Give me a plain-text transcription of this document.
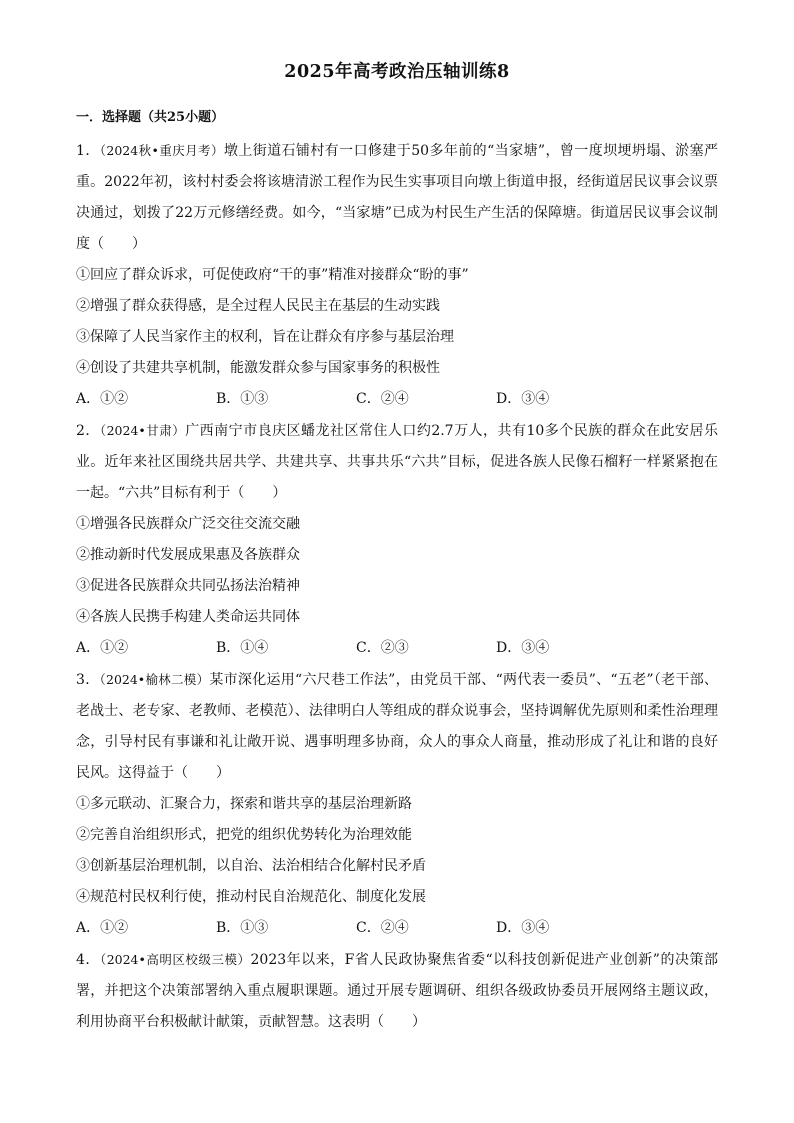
2025年高考政治压轴训练8
一．选择题（共25小题）

1．（2024秋•重庆月考）墩上街道石铺村有一口修建于50多年前的“当家塘”，曾一度坝埂坍塌、淤塞严重。2022年初，该村村委会将该塘清淤工程作为民生实事项目向墩上街道申报，经街道居民议事会议票决通过，划拨了22万元修缮经费。如今，“当家塘”已成为村民生产生活的保障塘。街道居民议事会议制度（　　）

①回应了群众诉求，可促使政府“干的事”精准对接群众“盼的事”

②增强了群众获得感，是全过程人民民主在基层的生动实践

③保障了人民当家作主的权利，旨在让群众有序参与基层治理

④创设了共建共享机制，能激发群众参与国家事务的积极性

A．①②	B．①③	C．②④	D．③④

2．（2024•甘肃）广西南宁市良庆区蟠龙社区常住人口约2.7万人，共有10多个民族的群众在此安居乐业。近年来社区围绕共居共学、共建共享、共事共乐“六共”目标，促进各族人民像石榴籽一样紧紧抱在一起。“六共”目标有利于（　　）

①增强各民族群众广泛交往交流交融

②推动新时代发展成果惠及各族群众

③促进各民族群众共同弘扬法治精神

④各族人民携手构建人类命运共同体

A．①②	B．①④	C．②③	D．③④

3．（2024•榆林二模）某市深化运用“六尺巷工作法”，由党员干部、“两代表一委员”、“五老”（老干部、老战士、老专家、老教师、老模范）、法律明白人等组成的群众说事会，坚持调解优先原则和柔性治理理念，引导村民有事谦和礼让敞开说、遇事明理多协商，众人的事众人商量，推动形成了礼让和谐的良好民风。这得益于（　　）

①多元联动、汇聚合力，探索和谐共享的基层治理新路

②完善自治组织形式，把党的组织优势转化为治理效能

③创新基层治理机制，以自治、法治相结合化解村民矛盾

④规范村民权利行使，推动村民自治规范化、制度化发展

A．①②	B．①③	C．②④	D．③④

4．（2024•高明区校级三模）2023年以来，F省人民政协聚焦省委“以科技创新促进产业创新”的决策部署，并把这个决策部署纳入重点履职课题。通过开展专题调研、组织各级政协委员开展网络主题议政，利用协商平台积极献计献策，贡献智慧。这表明（　　）
